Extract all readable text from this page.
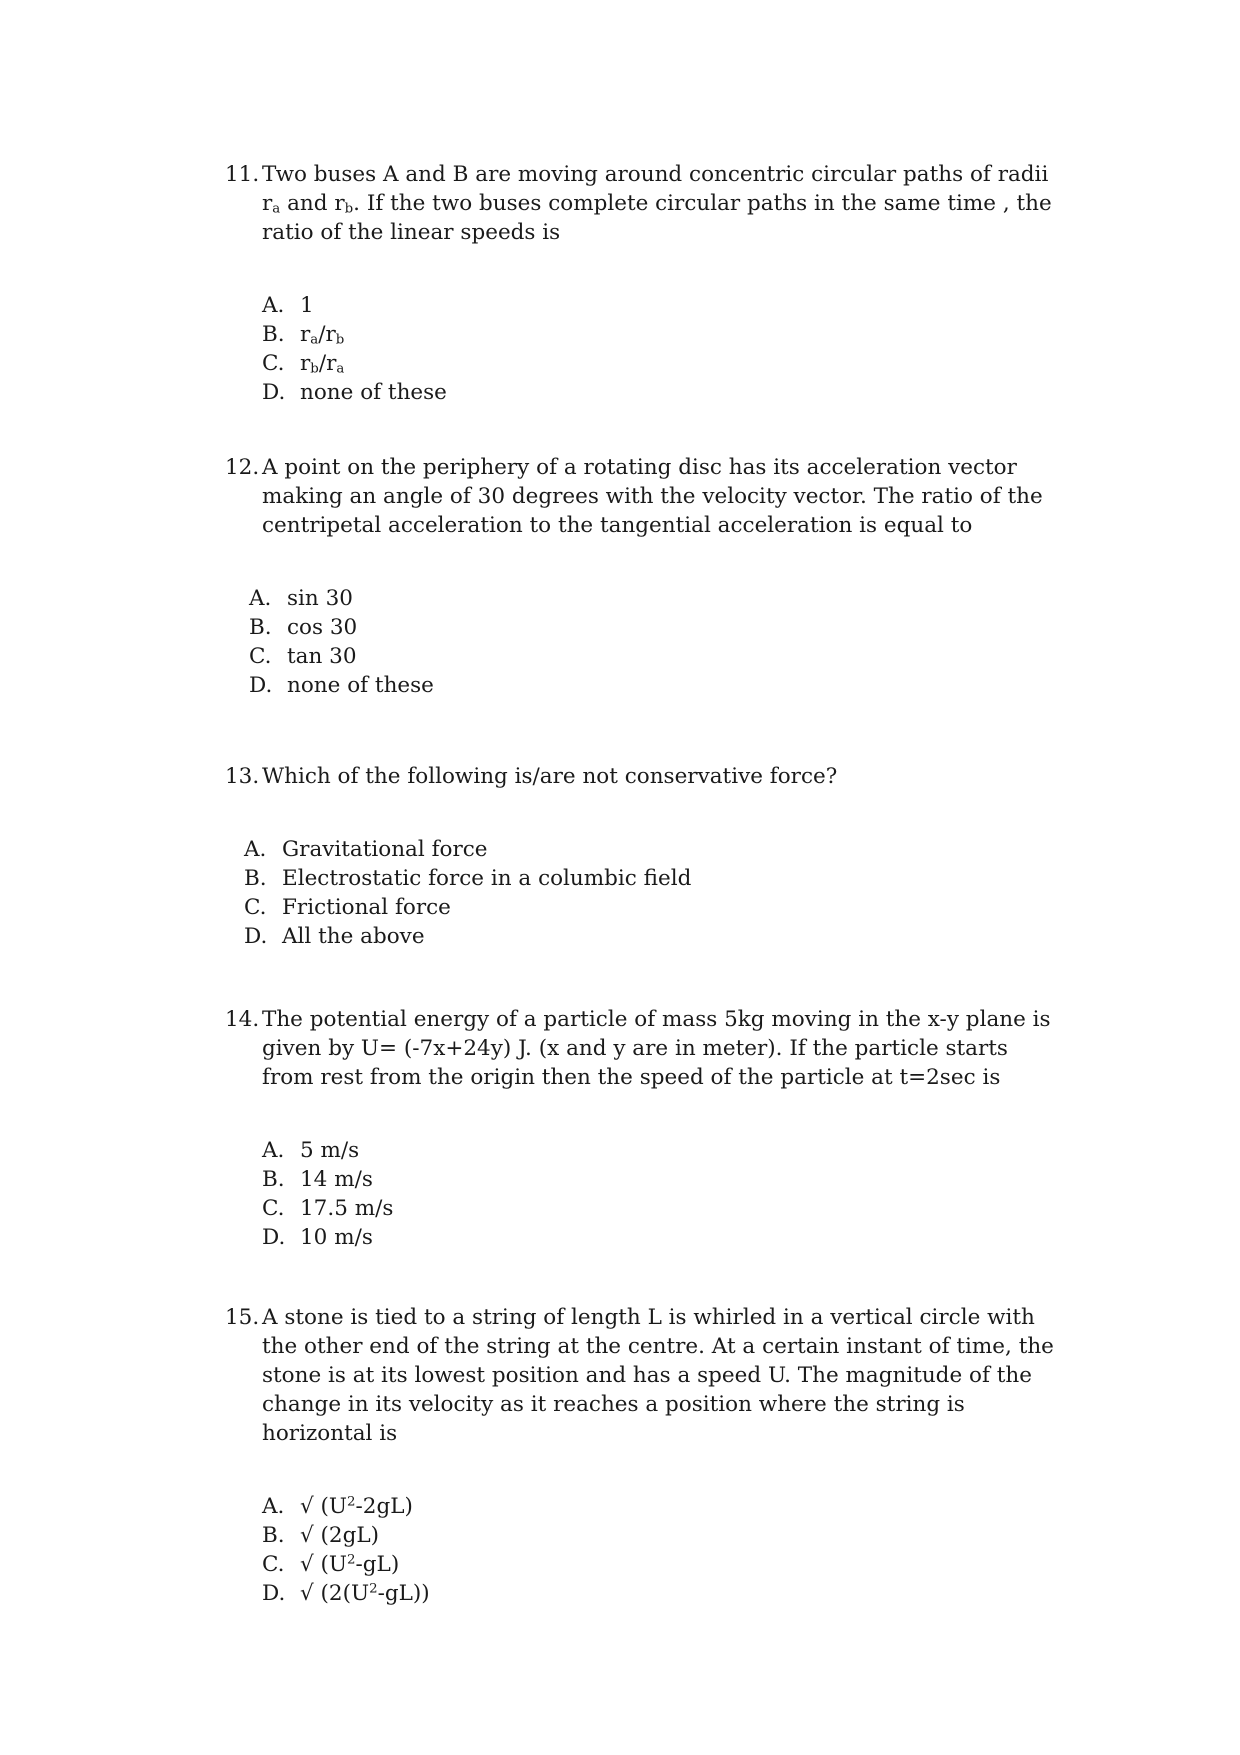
11. Two buses A and B are moving around concentric circular paths of radii $r_a$ and $r_b$. If the two buses complete circular paths in the same time , the ratio of the linear speeds is
A. 1
B. $r_a/r_b$
C. $r_b/r_a$
D. none of these
12. A point on the periphery of a rotating disc has its acceleration vector making an angle of 30 degrees with the velocity vector. The ratio of the centripetal acceleration to the tangential acceleration is equal to
A. sin 30
B. cos 30
C. tan 30
D. none of these
13. Which of the following is/are not conservative force?
A. Gravitational force
B. Electrostatic force in a columbic field
C. Frictional force
D. All the above
14. The potential energy of a particle of mass 5kg moving in the x-y plane is given by U= (-7x+24y) J. (x and y are in meter). If the particle starts from rest from the origin then the speed of the particle at t=2sec is
A. 5 m/s
B. 14 m/s
C. 17.5 m/s
D. 10 m/s
15. A stone is tied to a string of length L is whirled in a vertical circle with the other end of the string at the centre. At a certain instant of time, the stone is at its lowest position and has a speed U. The magnitude of the change in its velocity as it reaches a position where the string is horizontal is
A. √ $(U^2-2gL)$
B. √ (2gL)
C. √ $(U^2-gL)$
D. √ $(2(U^2-gL))$
